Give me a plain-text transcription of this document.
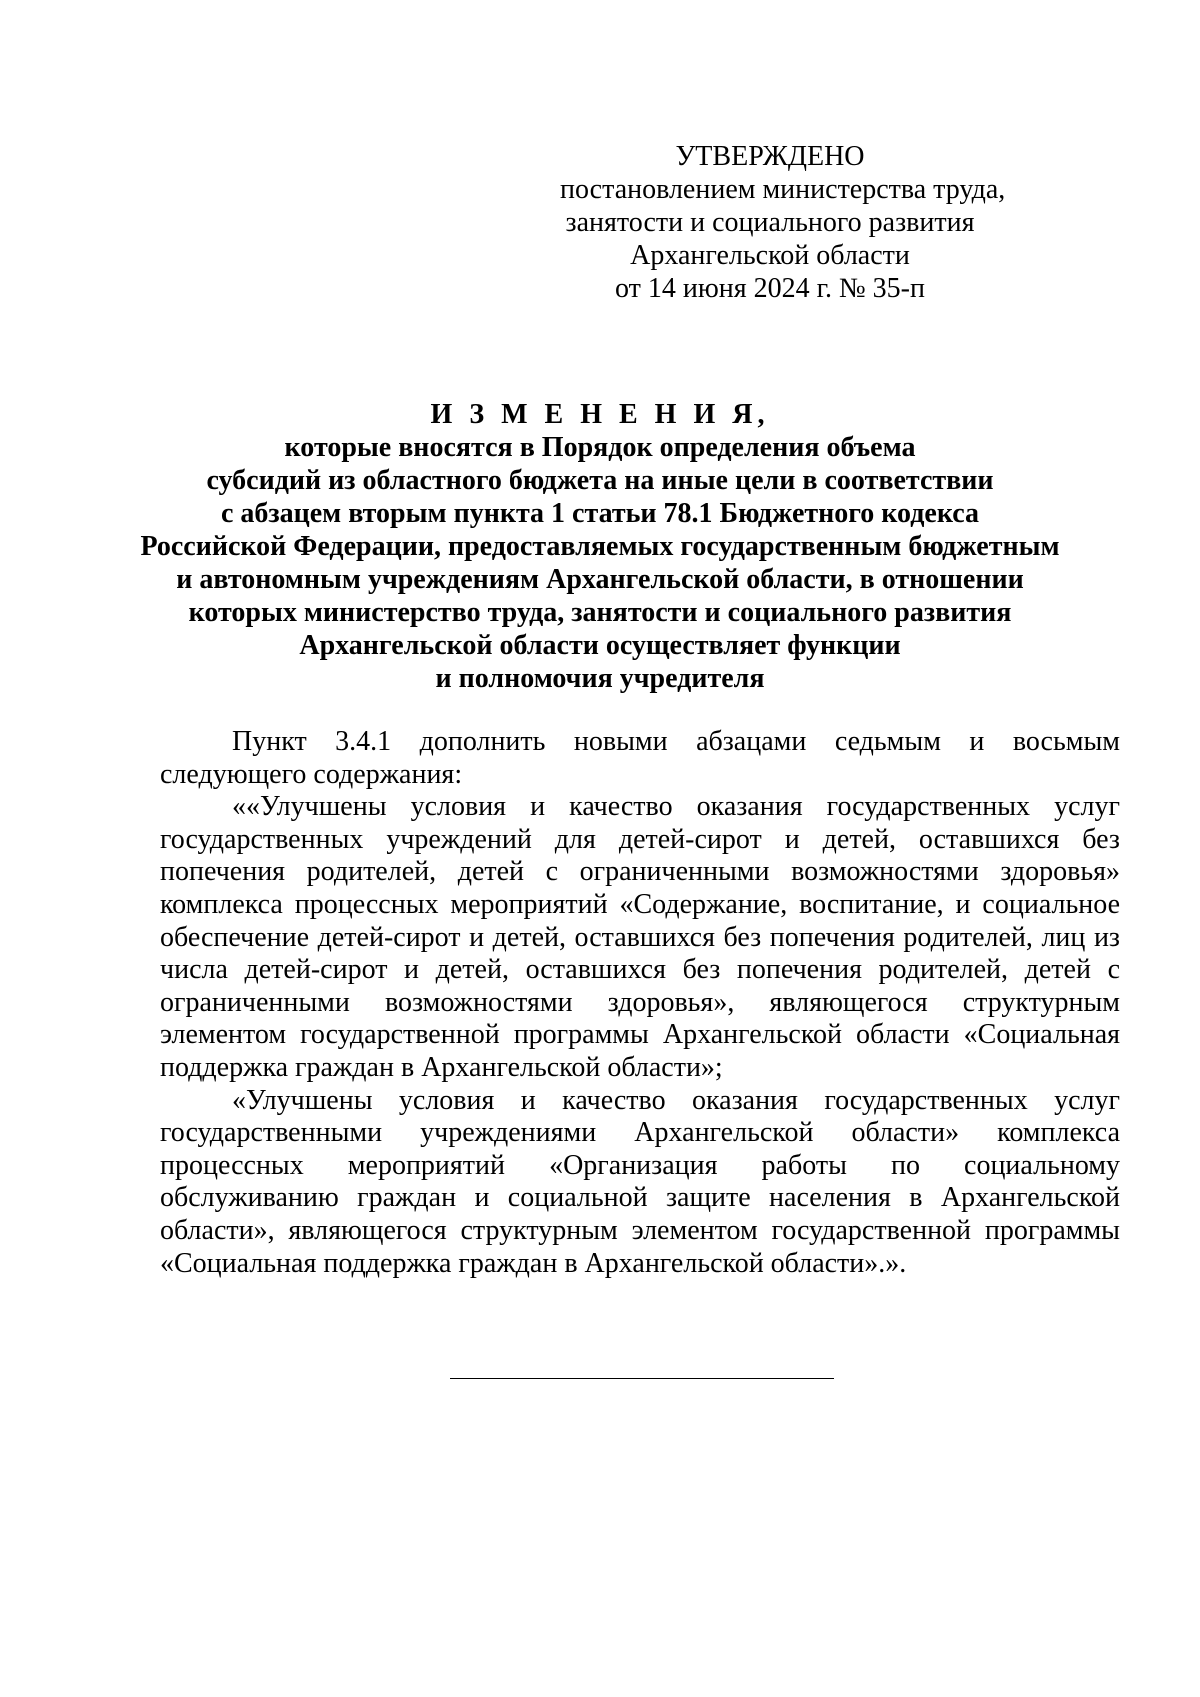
УТВЕРЖДЕНО
постановлением министерства труда,
занятости и социального развития
Архангельской области
от 14 июня 2024 г. № 35-п
И З М Е Н Е Н И Я,
которые вносятся в Порядок определения объема
субсидий из областного бюджета на иные цели в соответствии
с абзацем вторым пункта 1 статьи 78.1 Бюджетного кодекса
Российской Федерации, предоставляемых государственным бюджетным
и автономным учреждениям Архангельской области, в отношении
которых министерство труда, занятости и социального развития
Архангельской области осуществляет функции
и полномочия учредителя

Пункт 3.4.1 дополнить новыми абзацами седьмым и восьмым следующего содержания:

««Улучшены условия и качество оказания государственных услуг государственных учреждений для детей-сирот и детей, оставшихся без попечения родителей, детей с ограниченными возможностями здоровья» комплекса процессных мероприятий «Содержание, воспитание, и социальное обеспечение детей-сирот и детей, оставшихся без попечения родителей, лиц из числа детей-сирот и детей, оставшихся без попечения родителей, детей с ограниченными возможностями здоровья», являющегося структурным элементом государственной программы Архангельской области «Социальная поддержка граждан в Архангельской области»;

«Улучшены условия и качество оказания государственных услуг государственными учреждениями Архангельской области» комплекса процессных мероприятий «Организация работы по социальному обслуживанию граждан и социальной защите населения в Архангельской области», являющегося структурным элементом государственной программы «Социальная поддержка граждан в Архангельской области».».
